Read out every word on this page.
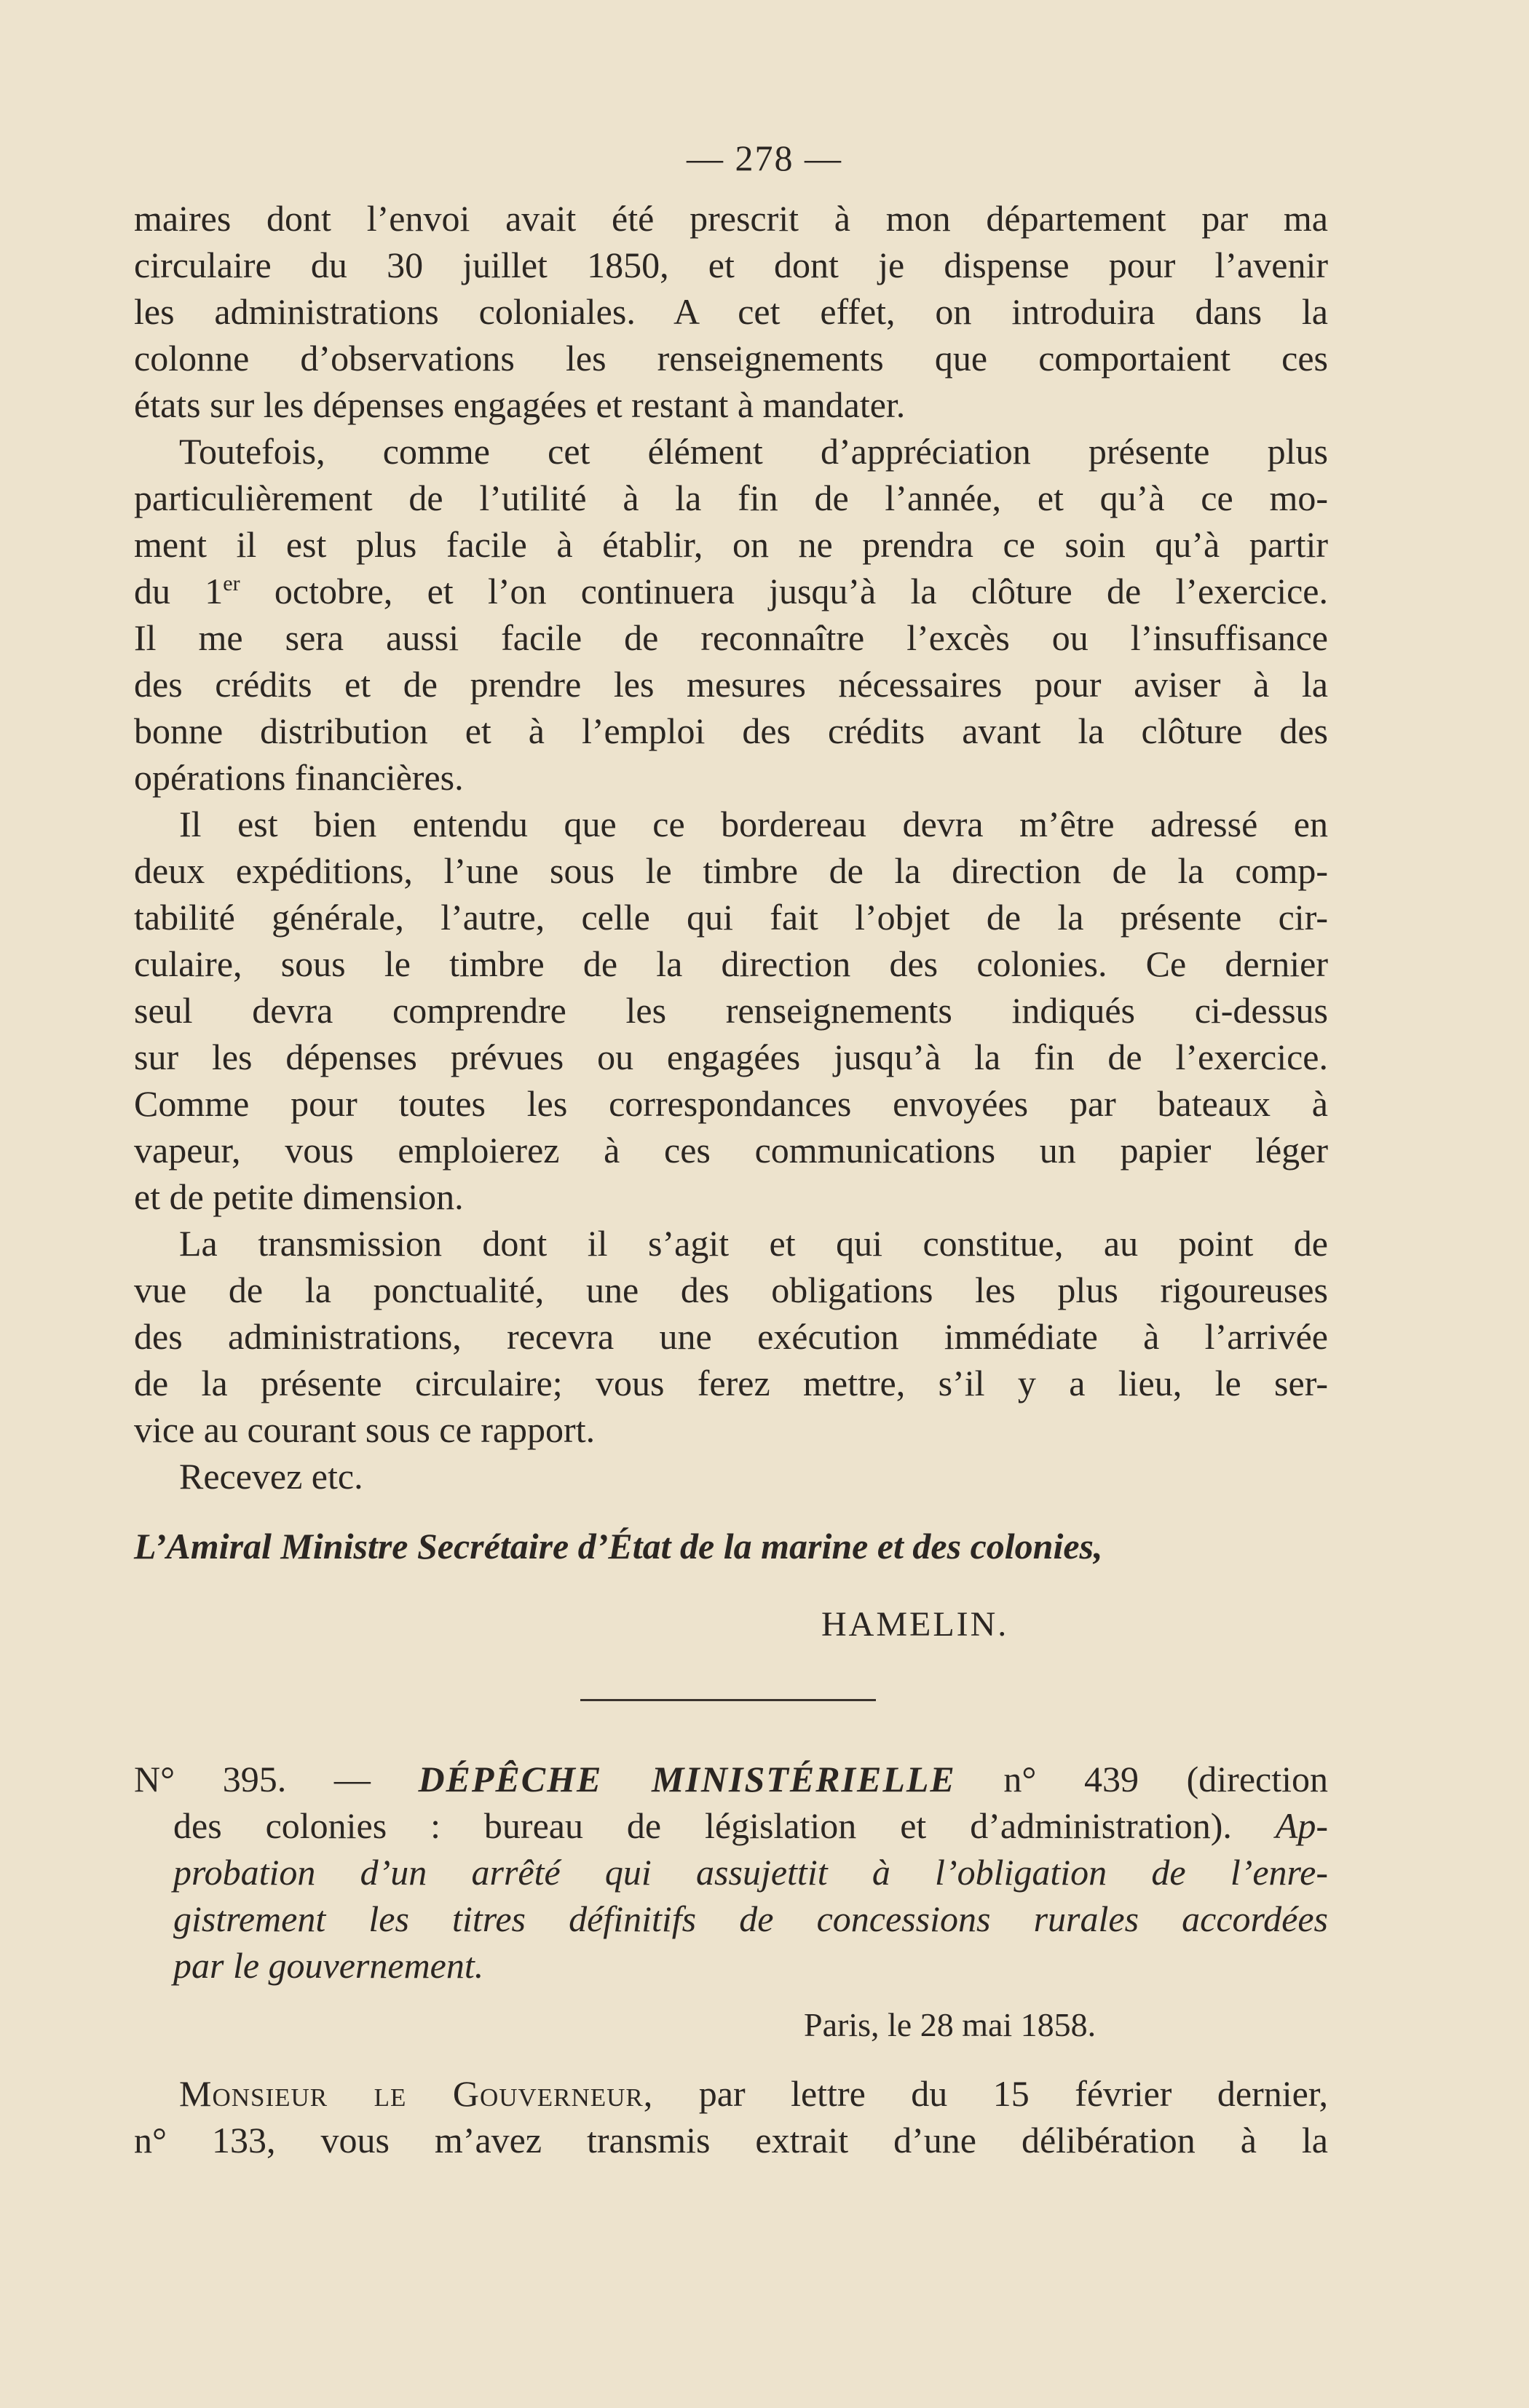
— 278 —
maires dont l’envoi avait été prescrit à mon département par ma
circulaire du 30 juillet 1850, et dont je dispense pour l’avenir
les administrations coloniales. A cet effet, on introduira dans la
colonne d’observations les renseignements que comportaient ces
états sur les dépenses engagées et restant à mandater.
Toutefois, comme cet élément d’appréciation présente plus
particulièrement de l’utilité à la fin de l’année, et qu’à ce mo-
ment il est plus facile à établir, on ne prendra ce soin qu’à partir
du 1er octobre, et l’on continuera jusqu’à la clôture de l’exercice.
Il me sera aussi facile de reconnaître l’excès ou l’insuffisance
des crédits et de prendre les mesures nécessaires pour aviser à la
bonne distribution et à l’emploi des crédits avant la clôture des
opérations financières.
Il est bien entendu que ce bordereau devra m’être adressé en
deux expéditions, l’une sous le timbre de la direction de la comp-
tabilité générale, l’autre, celle qui fait l’objet de la présente cir-
culaire, sous le timbre de la direction des colonies. Ce dernier
seul devra comprendre les renseignements indiqués ci-dessus
sur les dépenses prévues ou engagées jusqu’à la fin de l’exercice.
Comme pour toutes les correspondances envoyées par bateaux à
vapeur, vous emploierez à ces communications un papier léger
et de petite dimension.
La transmission dont il s’agit et qui constitue, au point de
vue de la ponctualité, une des obligations les plus rigoureuses
des administrations, recevra une exécution immédiate à l’arrivée
de la présente circulaire; vous ferez mettre, s’il y a lieu, le ser-
vice au courant sous ce rapport.
Recevez etc.
L’Amiral Ministre Secrétaire d’État de la marine et des colonies,
HAMELIN.
N° 395. — DÉPÊCHE MINISTÉRIELLE n° 439 (direction
des colonies : bureau de législation et d’administration). Ap-
probation d’un arrêté qui assujettit à l’obligation de l’enre-
gistrement les titres définitifs de concessions rurales accordées
par le gouvernement.
Paris, le 28 mai 1858.
Monsieur le Gouverneur, par lettre du 15 février dernier,
n° 133, vous m’avez transmis extrait d’une délibération à la
